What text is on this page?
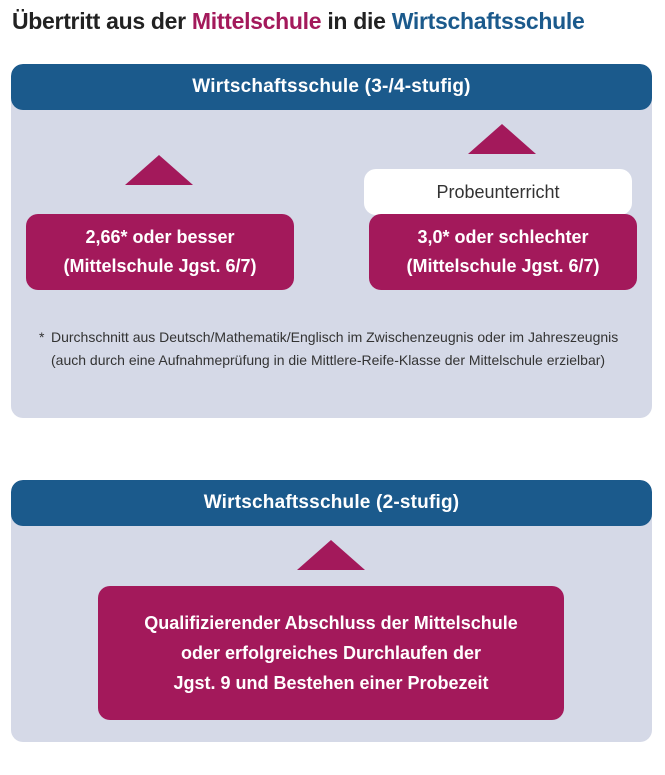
Übertritt aus der Mittelschule in die Wirtschaftsschule
Wirtschaftsschule (3-/4-stufig)
Probeunterricht
2,66* oder besser
(Mittelschule Jgst. 6/7)
3,0* oder schlechter
(Mittelschule Jgst. 6/7)
* Durchschnitt aus Deutsch/Mathematik/Englisch im Zwischenzeugnis oder im Jahreszeugnis (auch durch eine Aufnahmeprüfung in die Mittlere-Reife-Klasse der Mittelschule erzielbar)
Wirtschaftsschule (2-stufig)
Qualifizierender Abschluss der Mittelschule
oder erfolgreiches Durchlaufen der
Jgst. 9 und Bestehen einer Probezeit
